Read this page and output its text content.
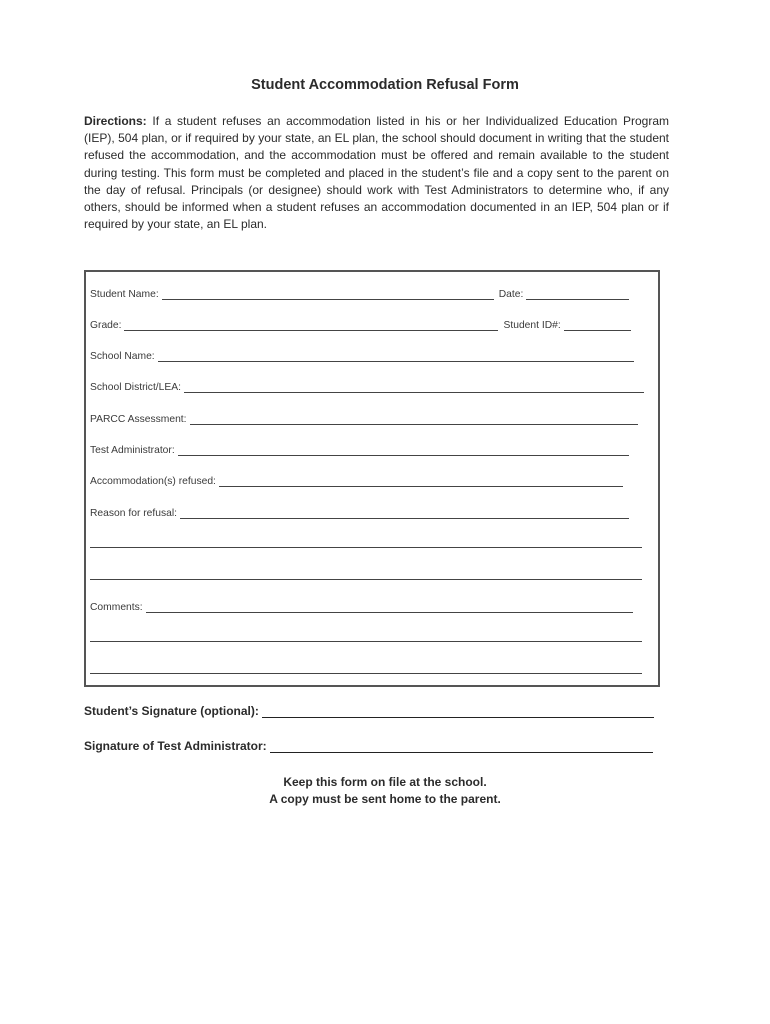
Student Accommodation Refusal Form
Directions: If a student refuses an accommodation listed in his or her Individualized Education Program (IEP), 504 plan, or if required by your state, an EL plan, the school should document in writing that the student refused the accommodation, and the accommodation must be offered and remain available to the student during testing. This form must be completed and placed in the student’s file and a copy sent to the parent on the day of refusal. Principals (or designee) should work with Test Administrators to determine who, if any others, should be informed when a student refuses an accommodation documented in an IEP, 504 plan or if required by your state, an EL plan.
Student Name:	Date:
Grade:	Student ID#:
School Name:
School District/LEA:
PARCC Assessment:
Test Administrator:
Accommodation(s) refused:
Reason for refusal:
Comments:
Student’s Signature (optional):
Signature of Test Administrator:
Keep this form on file at the school.
A copy must be sent home to the parent.
